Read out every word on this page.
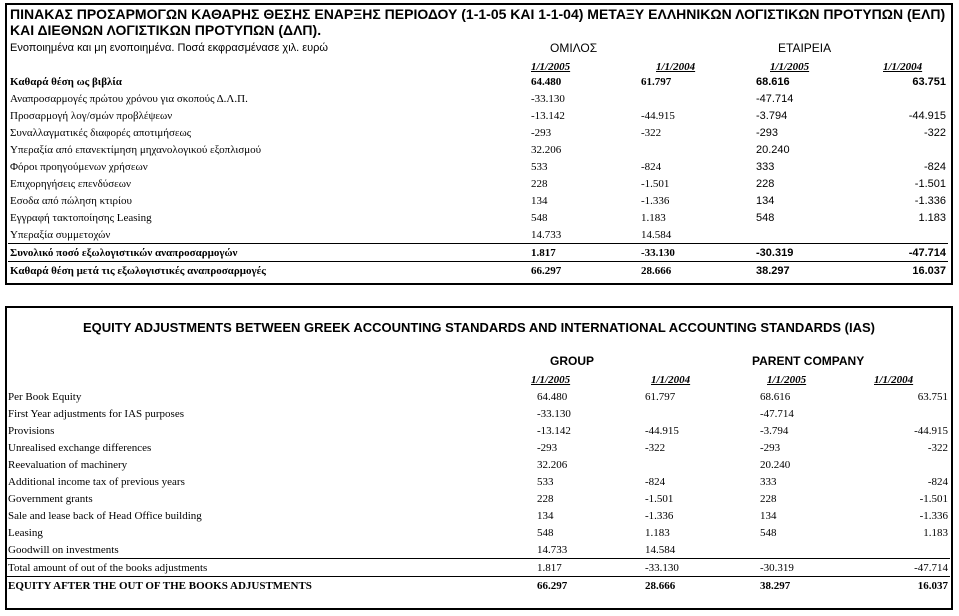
ΠΙΝΑΚΑΣ ΠΡΟΣΑΡΜΟΓΩΝ ΚΑΘΑΡΗΣ ΘΕΣΗΣ ΕΝΑΡΞΗΣ ΠΕΡΙΟΔΟΥ (1-1-05 ΚΑΙ 1-1-04) ΜΕΤΑΞΥ ΕΛΛΗΝΙΚΩΝ ΛΟΓΙΣΤΙΚΩΝ ΠΡΟΤΥΠΩΝ (ΕΛΠ) ΚΑΙ ΔΙΕΘΝΩΝ ΛΟΓΙΣΤΙΚΩΝ ΠΡΟΤΥΠΩΝ (ΔΛΠ).
Ενοποιημένα και μη ενοποιημένα. Ποσά εκφρασμένασε χιλ. ευρώ	ΟΜΙΛΟΣ	ΕΤΑΙΡΕΙΑ
1/1/2005	1/1/2004	1/1/2005	1/1/2004
Καθαρά θέση ως βιβλία	64.480	61.797	68.616	63.751
Αναπροσαρμογές πρώτου χρόνου για σκοπούς Δ.Λ.Π.	-33.130		-47.714	
Προσαρμογή λογ/σμών προβλέψεων	-13.142	-44.915	-3.794	-44.915
Συναλλαγματικές διαφορές αποτιμήσεως	-293	-322	-293	-322
Υπεραξία από επανεκτίμηση μηχανολογικού εξοπλισμού	32.206		20.240	
Φόροι προηγούμενων χρήσεων	533	-824	333	-824
Επιχορηγήσεις επενδύσεων	228	-1.501	228	-1.501
Εσοδα από πώληση κτιρίου	134	-1.336	134	-1.336
Εγγραφή τακτοποίησης Leasing	548	1.183	548	1.183
Υπεραξία συμμετοχών	14.733	14.584		
Συνολικό ποσό εξωλογιστικών αναπροσαρμογών	1.817	-33.130	-30.319	-47.714
Καθαρά θέση μετά τις εξωλογιστικές αναπροσαρμογές	66.297	28.666	38.297	16.037
EQUITY ADJUSTMENTS BETWEEN GREEK ACCOUNTING STANDARDS AND INTERNATIONAL ACCOUNTING STANDARDS (IAS)
GROUP	PARENT COMPANY
1/1/2005	1/1/2004	1/1/2005	1/1/2004
Per Book Equity	64.480	61.797	68.616	63.751
First Year adjustments for IAS purposes	-33.130		-47.714	
Provisions	-13.142	-44.915	-3.794	-44.915
Unrealised exchange differences	-293	-322	-293	-322
Reevaluation of machinery	32.206		20.240	
Additional income tax of previous years	533	-824	333	-824
Government grants	228	-1.501	228	-1.501
Sale and lease back of Head Office building	134	-1.336	134	-1.336
Leasing	548	1.183	548	1.183
Goodwill on investments	14.733	14.584		
Total amount of out of the books adjustments	1.817	-33.130	-30.319	-47.714
EQUITY AFTER THE OUT OF THE BOOKS ADJUSTMENTS	66.297	28.666	38.297	16.037
